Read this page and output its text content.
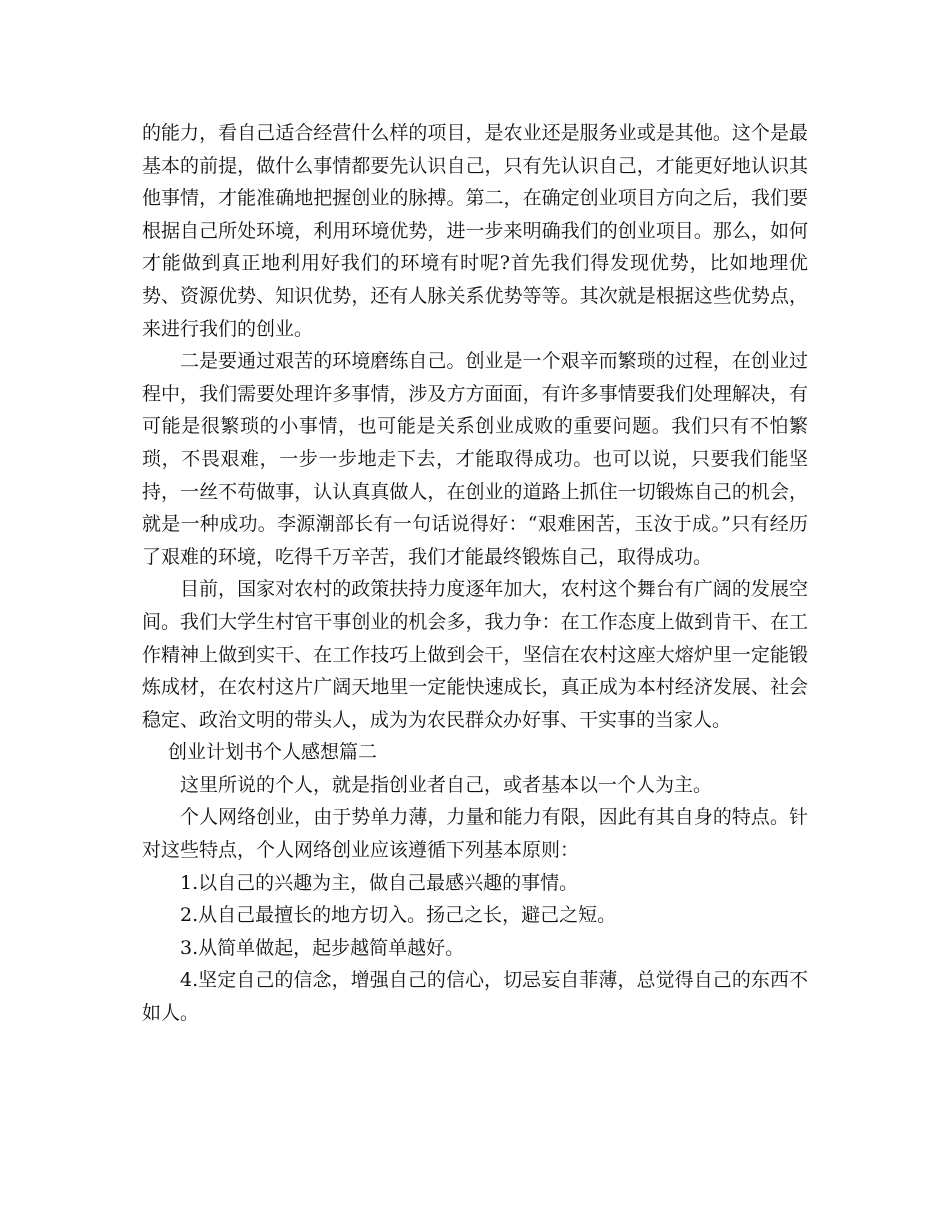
的能力，看自己适合经营什么样的项目，是农业还是服务业或是其他。这个是最基本的前提，做什么事情都要先认识自己，只有先认识自己，才能更好地认识其他事情，才能准确地把握创业的脉搏。第二，在确定创业项目方向之后，我们要根据自己所处环境，利用环境优势，进一步来明确我们的创业项目。那么，如何才能做到真正地利用好我们的环境有时呢?首先我们得发现优势，比如地理优势、资源优势、知识优势，还有人脉关系优势等等。其次就是根据这些优势点，来进行我们的创业。

二是要通过艰苦的环境磨练自己。创业是一个艰辛而繁琐的过程，在创业过程中，我们需要处理许多事情，涉及方方面面，有许多事情要我们处理解决，有可能是很繁琐的小事情，也可能是关系创业成败的重要问题。我们只有不怕繁琐，不畏艰难，一步一步地走下去，才能取得成功。也可以说，只要我们能坚持，一丝不苟做事，认认真真做人，在创业的道路上抓住一切锻炼自己的机会，就是一种成功。李源潮部长有一句话说得好：“艰难困苦，玉汝于成。”只有经历了艰难的环境，吃得千万辛苦，我们才能最终锻炼自己，取得成功。

目前，国家对农村的政策扶持力度逐年加大，农村这个舞台有广阔的发展空间。我们大学生村官干事创业的机会多，我力争：在工作态度上做到肯干、在工作精神上做到实干、在工作技巧上做到会干，坚信在农村这座大熔炉里一定能锻炼成材，在农村这片广阔天地里一定能快速成长，真正成为本村经济发展、社会稳定、政治文明的带头人，成为为农民群众办好事、干实事的当家人。

创业计划书个人感想篇二

这里所说的个人，就是指创业者自己，或者基本以一个人为主。

个人网络创业，由于势单力薄，力量和能力有限，因此有其自身的特点。针对这些特点，个人网络创业应该遵循下列基本原则：

1.以自己的兴趣为主，做自己最感兴趣的事情。

2.从自己最擅长的地方切入。扬己之长，避己之短。

3.从简单做起，起步越简单越好。

4.坚定自己的信念，增强自己的信心，切忌妄自菲薄，总觉得自己的东西不如人。
